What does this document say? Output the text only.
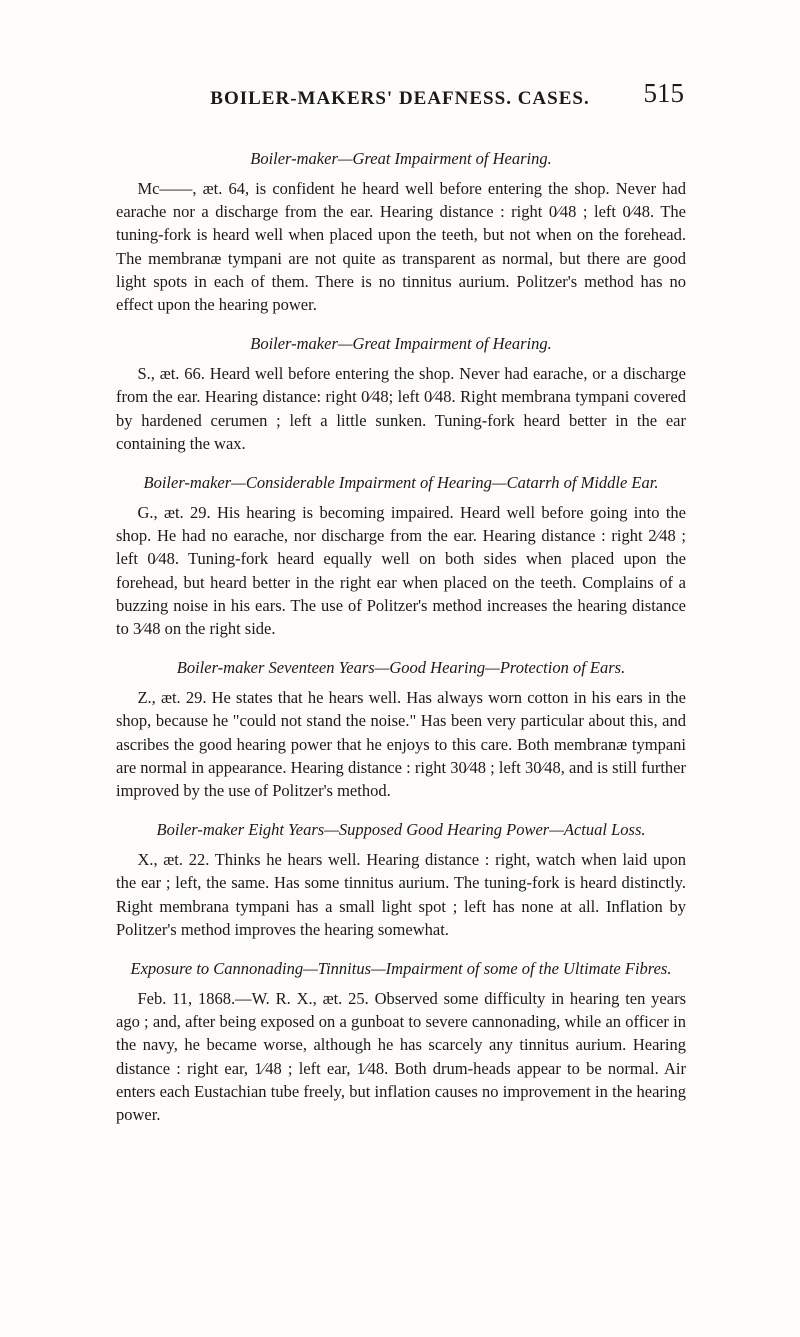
BOILER-MAKERS' DEAFNESS. CASES.	515
Boiler-maker—Great Impairment of Hearing.

Mc——, æt. 64, is confident he heard well before entering the shop. Never had earache nor a discharge from the ear. Hearing distance : right 0⁄48 ; left 0⁄48. The tuning-fork is heard well when placed upon the teeth, but not when on the forehead. The membranæ tympani are not quite as transparent as normal, but there are good light spots in each of them. There is no tinnitus aurium. Politzer's method has no effect upon the hearing power.

Boiler-maker—Great Impairment of Hearing.

S., æt. 66. Heard well before entering the shop. Never had earache, or a discharge from the ear. Hearing distance: right 0⁄48; left 0⁄48. Right membrana tympani covered by hardened cerumen ; left a little sunken. Tuning-fork heard better in the ear containing the wax.

Boiler-maker—Considerable Impairment of Hearing—Catarrh of Middle Ear.

G., æt. 29. His hearing is becoming impaired. Heard well before going into the shop. He had no earache, nor discharge from the ear. Hearing distance : right 2⁄48 ; left 0⁄48. Tuning-fork heard equally well on both sides when placed upon the forehead, but heard better in the right ear when placed on the teeth. Complains of a buzzing noise in his ears. The use of Politzer's method increases the hearing distance to 3⁄48 on the right side.

Boiler-maker Seventeen Years—Good Hearing—Protection of Ears.

Z., æt. 29. He states that he hears well. Has always worn cotton in his ears in the shop, because he "could not stand the noise." Has been very particular about this, and ascribes the good hearing power that he enjoys to this care. Both membranæ tympani are normal in appearance. Hearing distance : right 30⁄48 ; left 30⁄48, and is still further improved by the use of Politzer's method.

Boiler-maker Eight Years—Supposed Good Hearing Power—Actual Loss.

X., æt. 22. Thinks he hears well. Hearing distance : right, watch when laid upon the ear ; left, the same. Has some tinnitus aurium. The tuning-fork is heard distinctly. Right membrana tympani has a small light spot ; left has none at all. Inflation by Politzer's method improves the hearing somewhat.

Exposure to Cannonading—Tinnitus—Impairment of some of the Ultimate Fibres.

Feb. 11, 1868.—W. R. X., æt. 25. Observed some difficulty in hearing ten years ago ; and, after being exposed on a gunboat to severe cannonading, while an officer in the navy, he became worse, although he has scarcely any tinnitus aurium. Hearing distance : right ear, 1⁄48 ; left ear, 1⁄48. Both drum-heads appear to be normal. Air enters each Eustachian tube freely, but inflation causes no improvement in the hearing power.
